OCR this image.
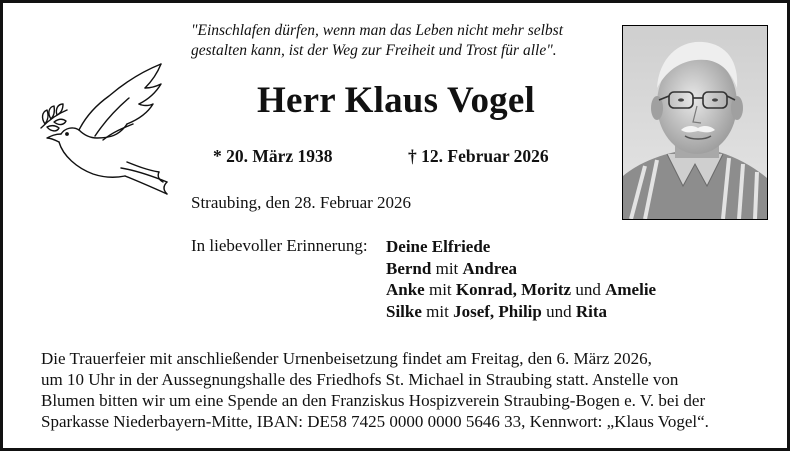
"Einschlafen dürfen, wenn man das Leben nicht mehr selbst
gestalten kann, ist der Weg zur Freiheit und Trost für alle".
Herr Klaus Vogel
* 20. März 1938	† 12. Februar 2026
Straubing, den 28. Februar 2026
In liebevoller Erinnerung: Deine Elfriede
Bernd mit Andrea
Anke mit Konrad, Moritz und Amelie
Silke mit Josef, Philip und Rita
Die Trauerfeier mit anschließender Urnenbeisetzung findet am Freitag, den 6. März 2026,
um 10 Uhr in der Aussegnungshalle des Friedhofs St. Michael in Straubing statt. Anstelle von
Blumen bitten wir um eine Spende an den Franziskus Hospizverein Straubing-Bogen e. V. bei der
Sparkasse Niederbayern-Mitte, IBAN: DE58 7425 0000 0000 5646 33, Kennwort: „Klaus Vogel“.
